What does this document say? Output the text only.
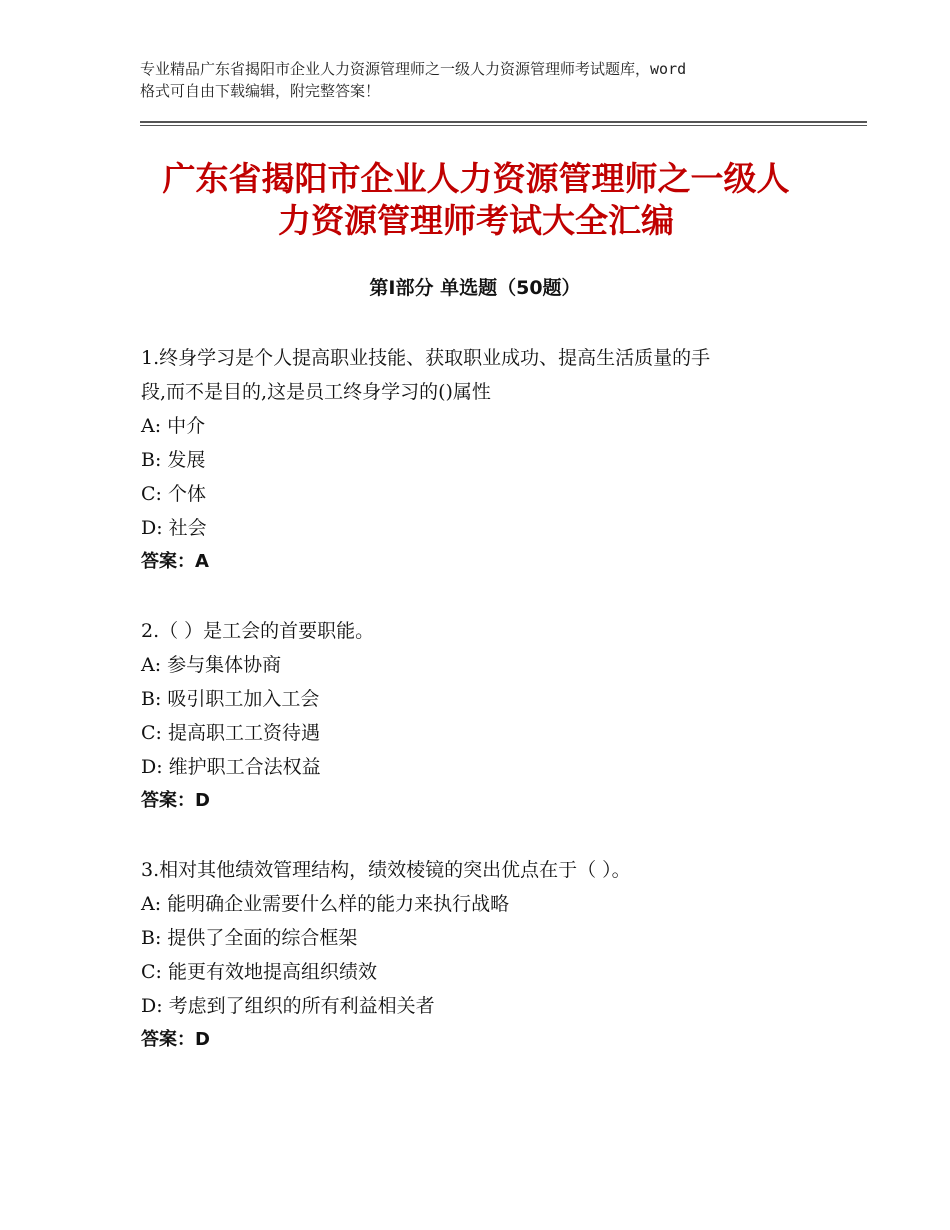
专业精品广东省揭阳市企业人力资源管理师之一级人力资源管理师考试题库，word
格式可自由下载编辑，附完整答案！
广东省揭阳市企业人力资源管理师之一级人
力资源管理师考试大全汇编
第Ⅰ部分 单选题（50题）
1.终身学习是个人提高职业技能、获取职业成功、提高生活质量的手
段,而不是目的,这是员工终身学习的()属性
A: 中介
B: 发展
C: 个体
D: 社会
答案：A
2.（ ）是工会的首要职能。
A: 参与集体协商
B: 吸引职工加入工会
C: 提高职工工资待遇
D: 维护职工合法权益
答案：D
3.相对其他绩效管理结构，绩效棱镜的突出优点在于（ ）。
A: 能明确企业需要什么样的能力来执行战略
B: 提供了全面的综合框架
C: 能更有效地提高组织绩效
D: 考虑到了组织的所有利益相关者
答案：D
